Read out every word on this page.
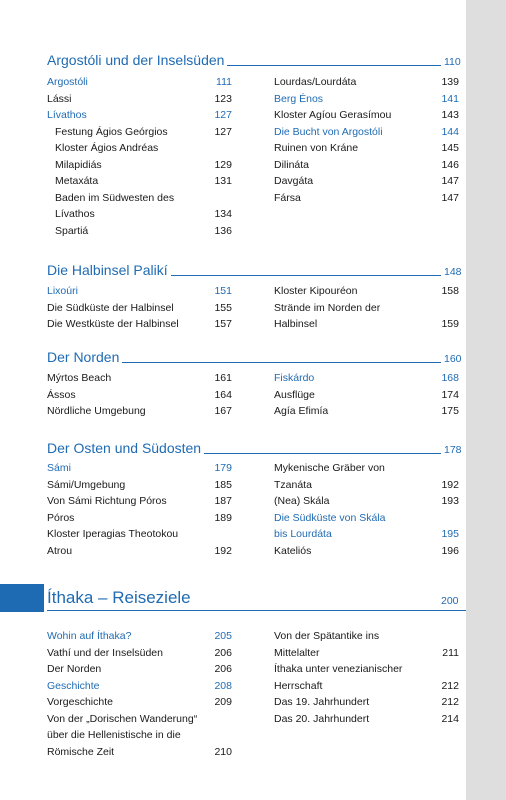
Argostóli und der Inselsüden	110
Argostóli	111
Lássi	123
Lívathos	127
Festung Ágios Geórgios	127
Kloster Ágios Andréas Milapidiás	129
Metaxáta	131
Baden im Südwesten des Lívathos	134
Spartiá	136
Lourdas/Lourdáta	139
Berg Énos	141
Kloster Agíou Gerasímou	143
Die Bucht von Argostóli	144
Ruinen von Kráne	145
Dilináta	146
Davgáta	147
Fársa	147
Die Halbinsel Palikí	148
Lixoúri	151
Die Südküste der Halbinsel	155
Die Westküste der Halbinsel	157
Kloster Kipouréon	158
Strände im Norden der Halbinsel	159
Der Norden	160
Mýrtos Beach	161
Ássos	164
Nördliche Umgebung	167
Fiskárdo	168
Ausflüge	174
Agía Efimía	175
Der Osten und Südosten	178
Sámi	179
Sámi/Umgebung	185
Von Sámi Richtung Póros	187
Póros	189
Kloster Iperagias Theotokou Atrou	192
Mykenische Gräber von Tzanáta	192
(Nea) Skála	193
Die Südküste von Skála bis Lourdáta	195
Kateliós	196
Íthaka – Reiseziele	200
Wohin auf Íthaka?	205
Vathí und der Inselsüden	206
Der Norden	206
Geschichte	208
Vorgeschichte	209
Von der „Dorischen Wanderung“ über die Hellenistische in die Römische Zeit	210
Von der Spätantike ins Mittelalter	211
Íthaka unter venezianischer Herrschaft	212
Das 19. Jahrhundert	212
Das 20. Jahrhundert	214
